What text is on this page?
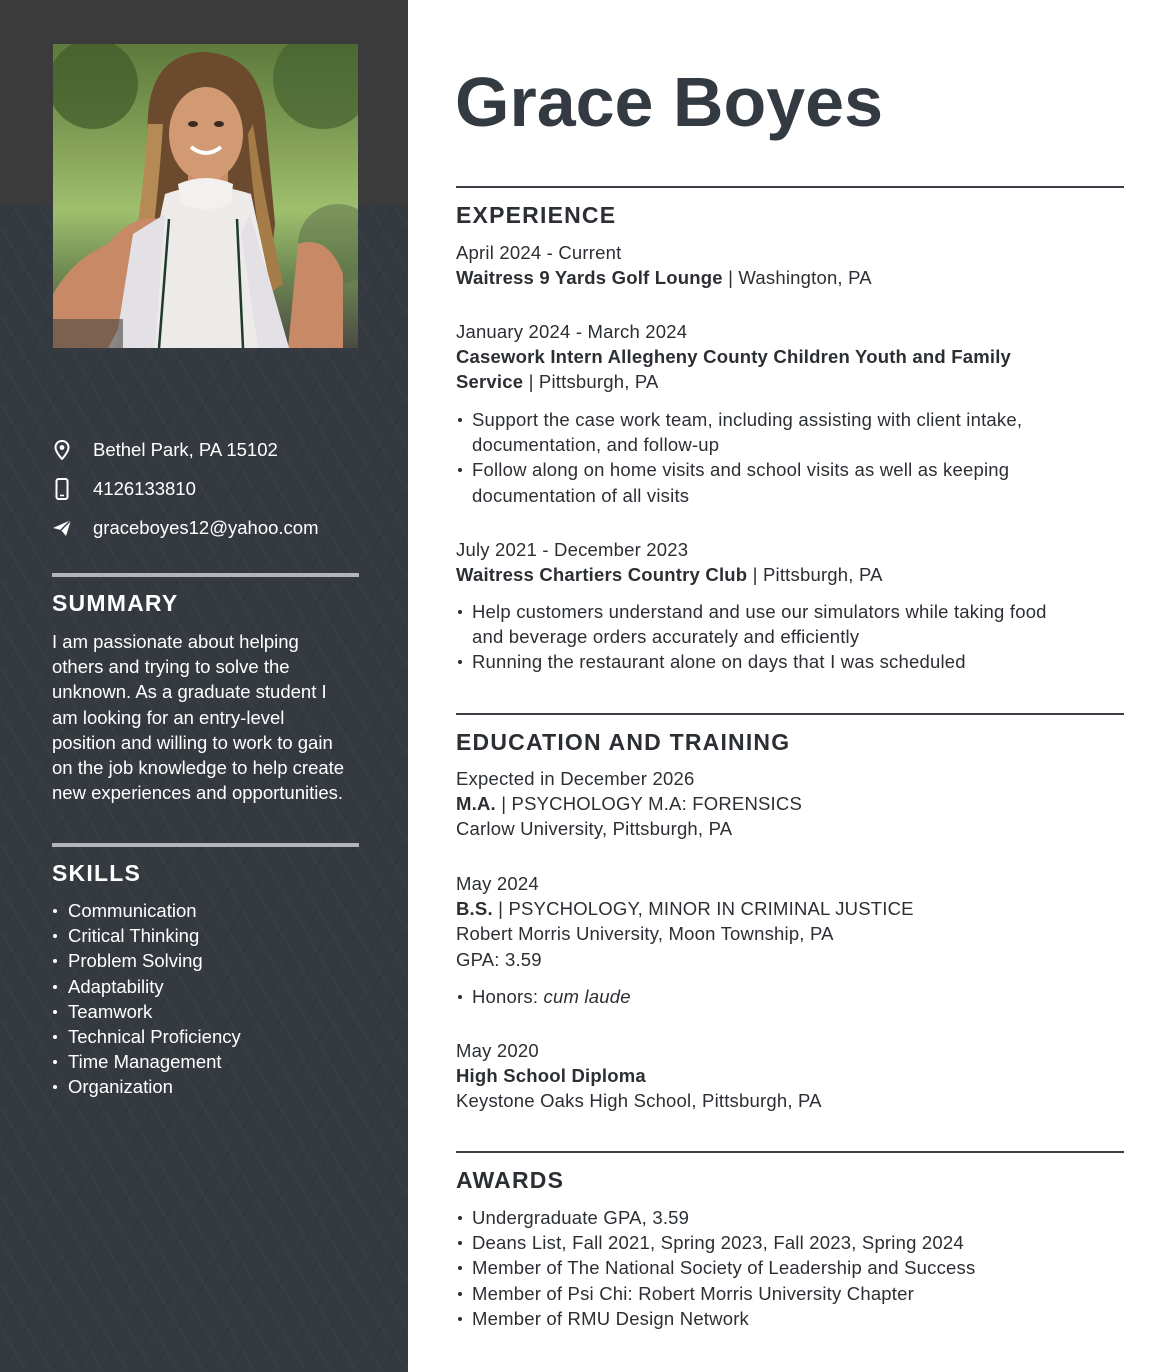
Bethel Park, PA 15102
4126133810
graceboyes12@yahoo.com
SUMMARY
I am passionate about helping
others and trying to solve the
unknown. As a graduate student I
am looking for an entry-level
position and willing to work to gain
on the job knowledge to help create
new experiences and opportunities.
SKILLS
Communication
Critical Thinking
Problem Solving
Adaptability
Teamwork
Technical Proficiency
Time Management
Organization
Grace Boyes
EXPERIENCE
April 2024 - Current
Waitress 9 Yards Golf Lounge | Washington, PA
January 2024 - March 2024
Casework Intern Allegheny County Children Youth and Family
Service | Pittsburgh, PA
Support the case work team, including assisting with client intake,
documentation, and follow-up
Follow along on home visits and school visits as well as keeping
documentation of all visits
July 2021 - December 2023
Waitress Chartiers Country Club | Pittsburgh, PA
Help customers understand and use our simulators while taking food
and beverage orders accurately and efficiently
Running the restaurant alone on days that I was scheduled
EDUCATION AND TRAINING
Expected in December 2026
M.A. | PSYCHOLOGY M.A: FORENSICS
Carlow University, Pittsburgh, PA
May 2024
B.S. | PSYCHOLOGY, MINOR IN CRIMINAL JUSTICE
Robert Morris University, Moon Township, PA
GPA: 3.59
Honors: cum laude
May 2020
High School Diploma
Keystone Oaks High School, Pittsburgh, PA
AWARDS
Undergraduate GPA, 3.59
Deans List, Fall 2021, Spring 2023, Fall 2023, Spring 2024
Member of The National Society of Leadership and Success
Member of Psi Chi: Robert Morris University Chapter
Member of RMU Design Network
